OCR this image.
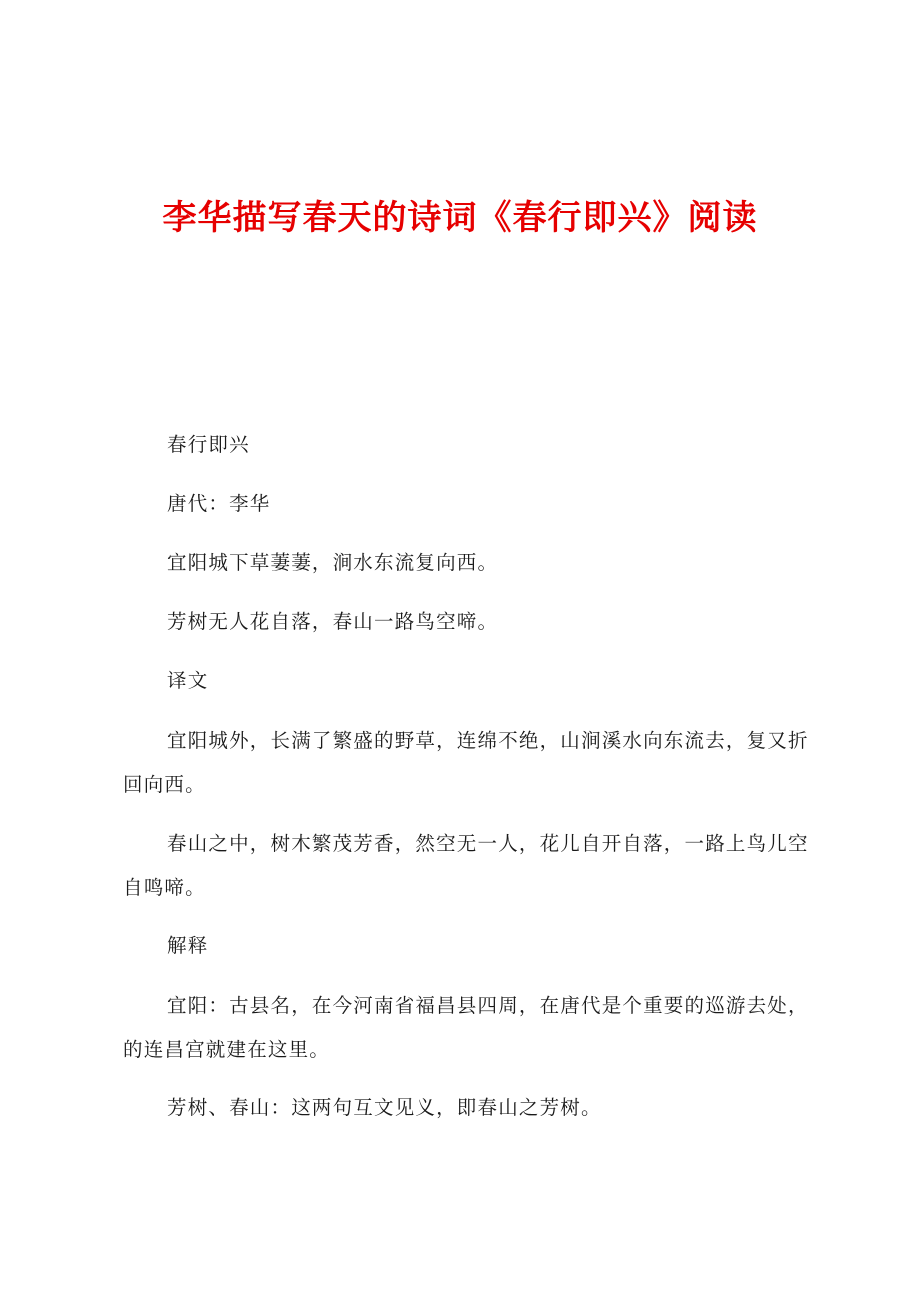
李华描写春天的诗词《春行即兴》阅读

春行即兴

唐代：李华

宜阳城下草萋萋，涧水东流复向西。

芳树无人花自落，春山一路鸟空啼。

译文

宜阳城外，长满了繁盛的野草，连绵不绝，山涧溪水向东流去，复又折回向西。

春山之中，树木繁茂芳香，然空无一人，花儿自开自落，一路上鸟儿空自鸣啼。

解释

宜阳：古县名，在今河南省福昌县四周，在唐代是个重要的巡游去处，的连昌宫就建在这里。

芳树、春山：这两句互文见义，即春山之芳树。
